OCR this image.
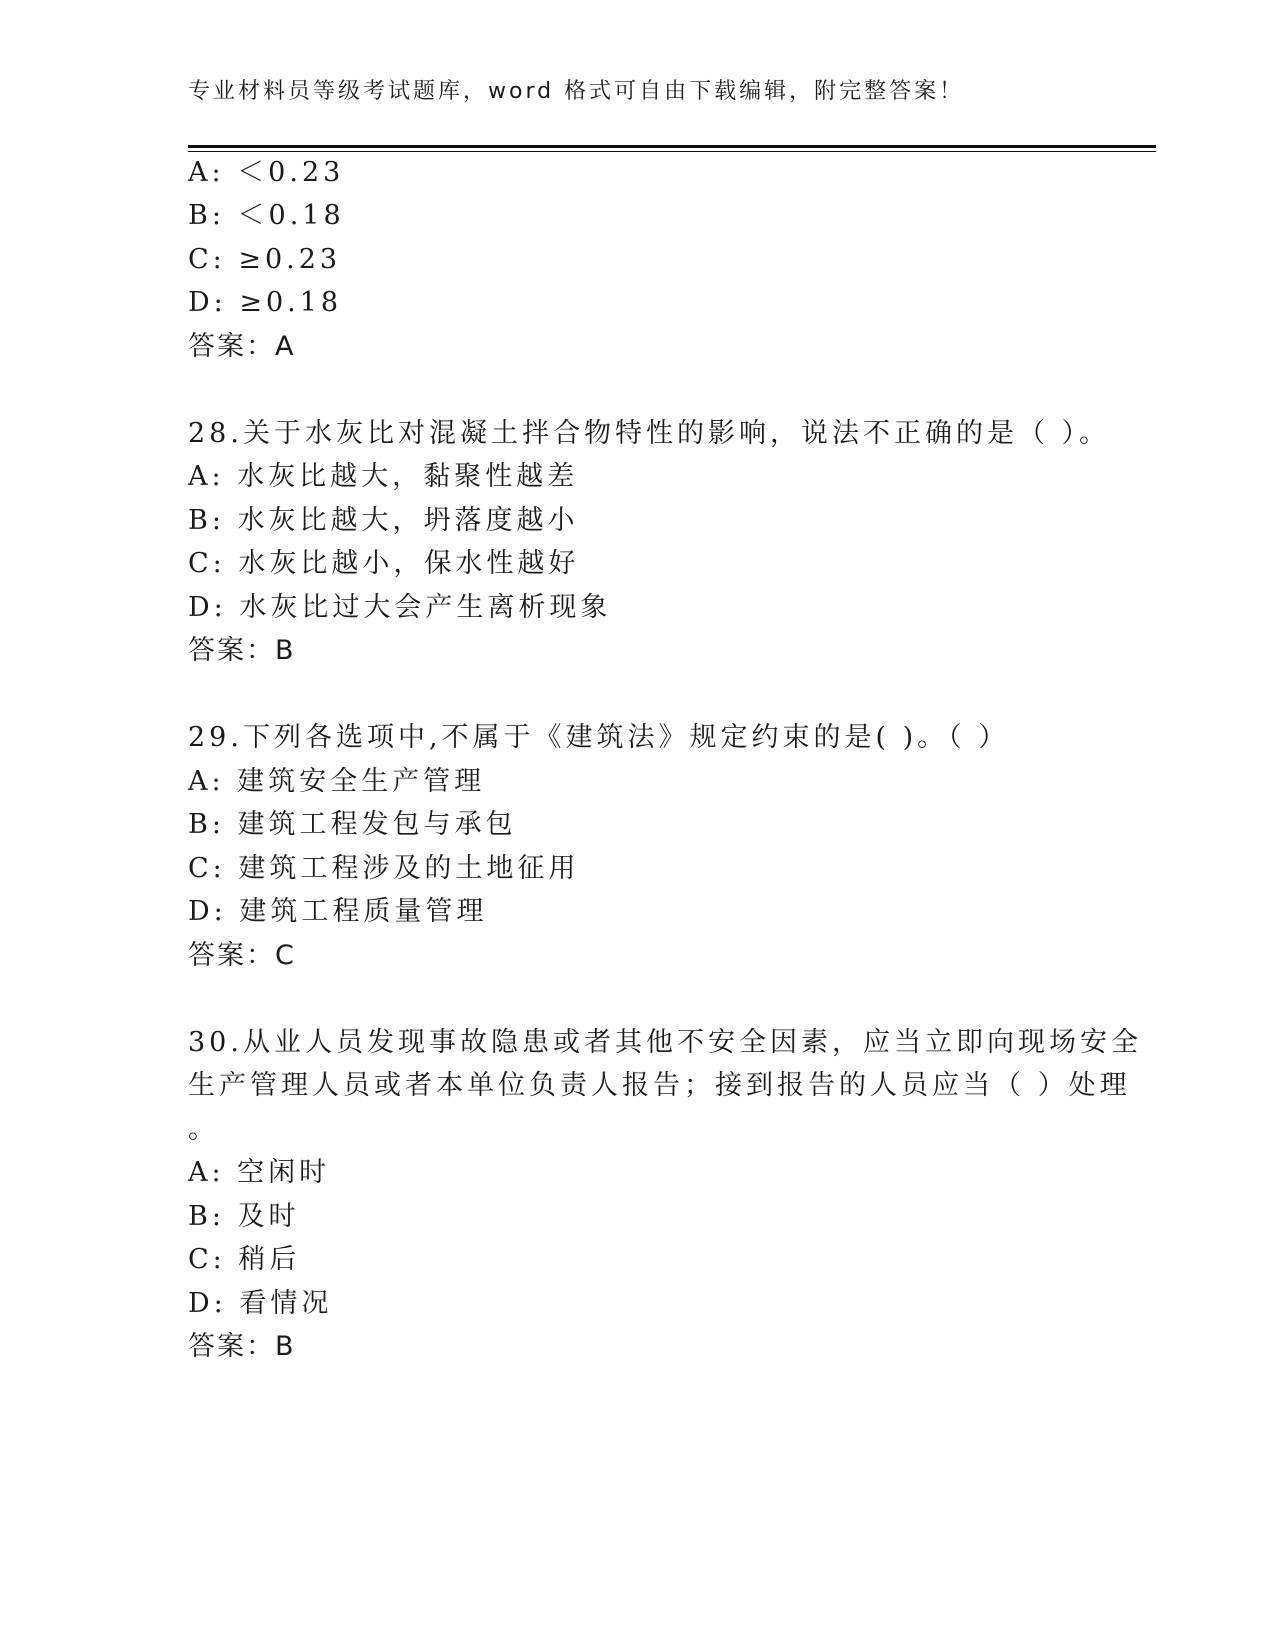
专业材料员等级考试题库，word 格式可自由下载编辑，附完整答案！
A: ＜0.23
B: ＜0.18
C: ≥0.23
D: ≥0.18
答案：A
28.关于水灰比对混凝土拌合物特性的影响，说法不正确的是（ ）。
A: 水灰比越大，黏聚性越差
B: 水灰比越大，坍落度越小
C: 水灰比越小，保水性越好
D: 水灰比过大会产生离析现象
答案：B
29.下列各选项中,不属于《建筑法》规定约束的是( )。（ ）
A: 建筑安全生产管理
B: 建筑工程发包与承包
C: 建筑工程涉及的土地征用
D: 建筑工程质量管理
答案：C
30.从业人员发现事故隐患或者其他不安全因素，应当立即向现场安全
生产管理人员或者本单位负责人报告；接到报告的人员应当（ ）处理
。
A: 空闲时
B: 及时
C: 稍后
D: 看情况
答案：B
